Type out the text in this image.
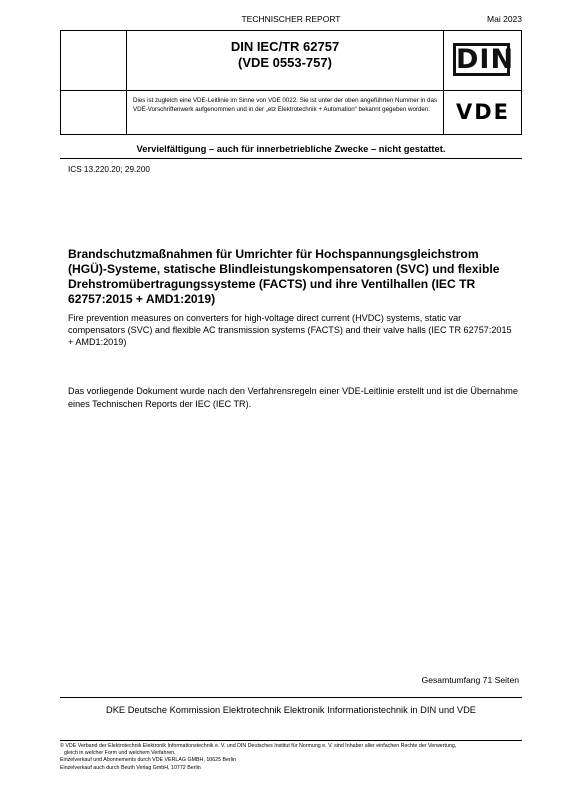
TECHNISCHER REPORT	Mai 2023
DIN IEC/TR 62757
(VDE 0553-757)	DIN
Dies ist zugleich eine VDE-Leitlinie im Sinne von VDE 0022. Sie ist unter der oben angeführten Nummer in das VDE-Vorschriftenwerk aufgenommen und in der „etz Elektrotechnik + Automation“ bekannt gegeben worden.	VDE
Vervielfältigung – auch für innerbetriebliche Zwecke – nicht gestattet.
ICS 13.220.20; 29.200
Brandschutzmaßnahmen für Umrichter für Hochspannungsgleichstrom (HGÜ)-Systeme, statische Blindleistungskompensatoren (SVC) und flexible Drehstromübertragungssysteme (FACTS) und ihre Ventilhallen (IEC TR 62757:2015 + AMD1:2019)
Fire prevention measures on converters for high-voltage direct current (HVDC) systems, static var compensators (SVC) and flexible AC transmission systems (FACTS) and their valve halls (IEC TR 62757:2015 + AMD1:2019)
Das vorliegende Dokument wurde nach den Verfahrensregeln einer VDE-Leitlinie erstellt und ist die Übernahme eines Technischen Reports der IEC (IEC TR).
Gesamtumfang 71 Seiten
DKE Deutsche Kommission Elektrotechnik Elektronik Informationstechnik in DIN und VDE
© VDE Verband der Elektrotechnik Elektronik Informationstechnik e. V. und DIN Deutsches Institut für Normung e. V. sind Inhaber aller einfachen Rechte der Verwertung,
gleich in welcher Form und welchem Verfahren.
Einzelverkauf und Abonnements durch VDE VERLAG GMBH, 10625 Berlin
Einzelverkauf auch durch Beuth Verlag GmbH, 10772 Berlin
